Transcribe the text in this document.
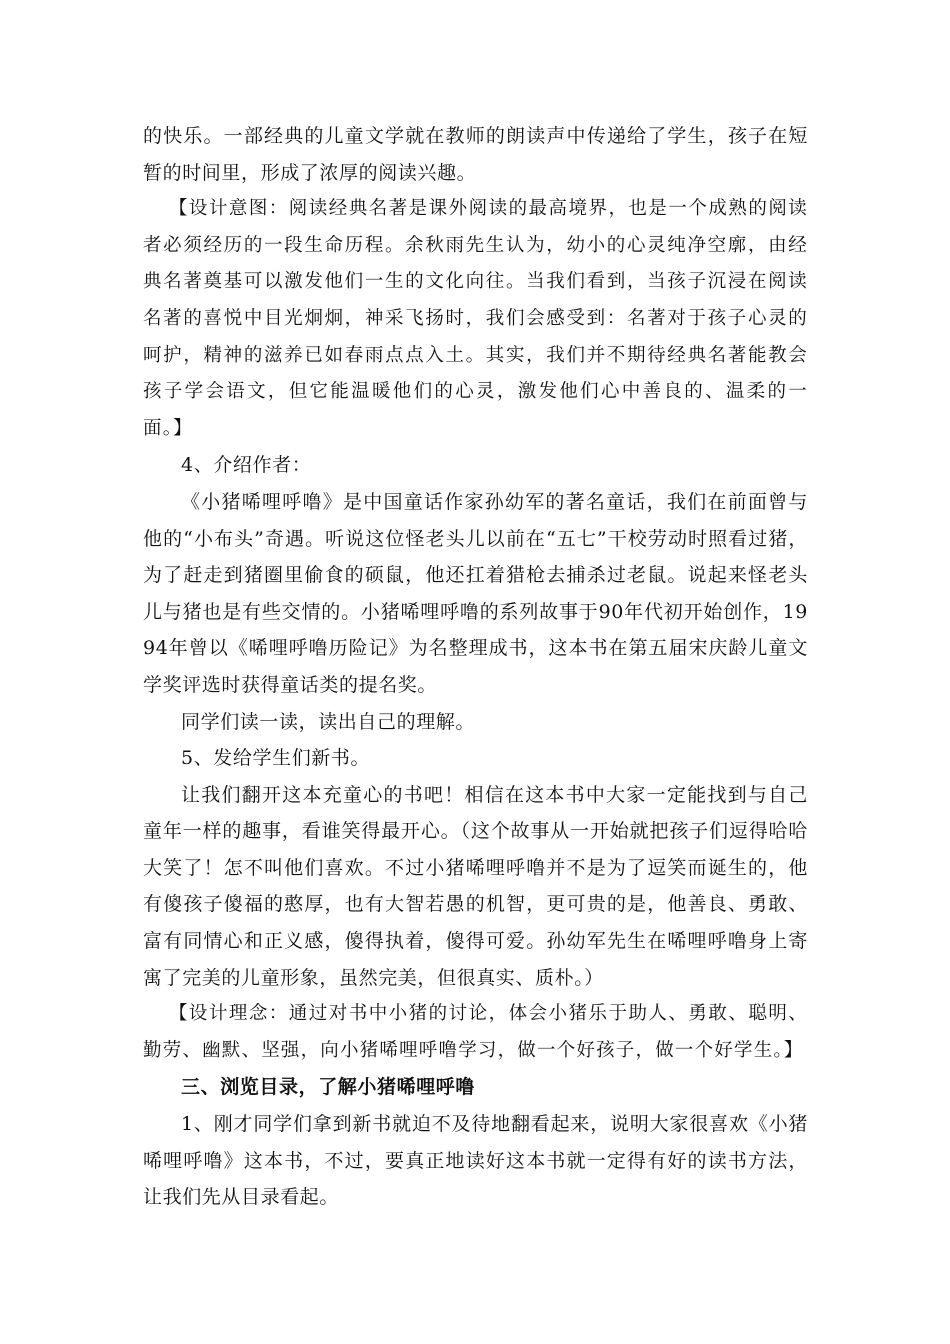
的快乐。一部经典的儿童文学就在教师的朗读声中传递给了学生，孩子在短暂的时间里，形成了浓厚的阅读兴趣。

【设计意图：阅读经典名著是课外阅读的最高境界，也是一个成熟的阅读者必须经历的一段生命历程。余秋雨先生认为，幼小的心灵纯净空廓，由经典名著奠基可以激发他们一生的文化向往。当我们看到，当孩子沉浸在阅读名著的喜悦中目光炯炯，神采飞扬时，我们会感受到：名著对于孩子心灵的呵护，精神的滋养已如春雨点点入土。其实，我们并不期待经典名著能教会孩子学会语文，但它能温暖他们的心灵，激发他们心中善良的、温柔的一面。】

4、介绍作者：

《小猪唏哩呼噜》是中国童话作家孙幼军的著名童话，我们在前面曾与他的“小布头”奇遇。听说这位怪老头儿以前在“五七”干校劳动时照看过猪，为了赶走到猪圈里偷食的硕鼠，他还扛着猎枪去捕杀过老鼠。说起来怪老头儿与猪也是有些交情的。小猪唏哩呼噜的系列故事于90年代初开始创作，1994年曾以《唏哩呼噜历险记》为名整理成书，这本书在第五届宋庆龄儿童文学奖评选时获得童话类的提名奖。

同学们读一读，读出自己的理解。

5、发给学生们新书。

让我们翻开这本充童心的书吧！相信在这本书中大家一定能找到与自己童年一样的趣事，看谁笑得最开心。（这个故事从一开始就把孩子们逗得哈哈大笑了！怎不叫他们喜欢。不过小猪唏哩呼噜并不是为了逗笑而诞生的，他有傻孩子傻福的憨厚，也有大智若愚的机智，更可贵的是，他善良、勇敢、富有同情心和正义感，傻得执着，傻得可爱。孙幼军先生在唏哩呼噜身上寄寓了完美的儿童形象，虽然完美，但很真实、质朴。）

【设计理念：通过对书中小猪的讨论，体会小猪乐于助人、勇敢、聪明、勤劳、幽默、坚强，向小猪唏哩呼噜学习，做一个好孩子，做一个好学生。】

三、浏览目录，了解小猪唏哩呼噜

1、刚才同学们拿到新书就迫不及待地翻看起来，说明大家很喜欢《小猪唏哩呼噜》这本书，不过，要真正地读好这本书就一定得有好的读书方法，让我们先从目录看起。
